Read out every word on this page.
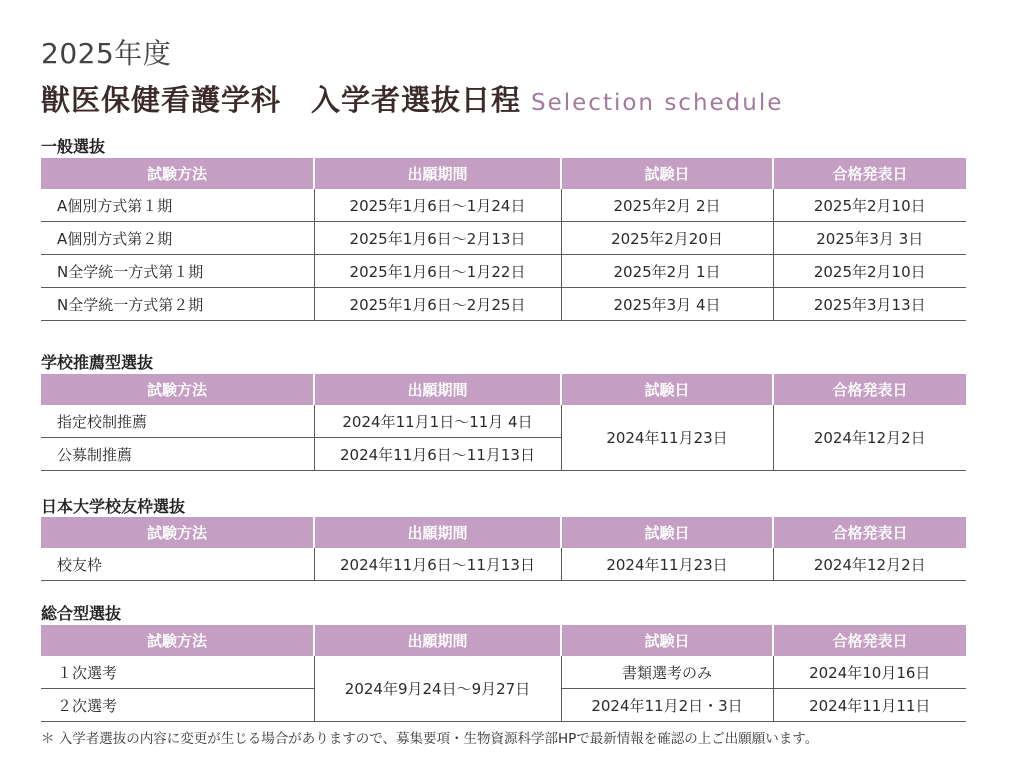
2025年度
獣医保健看護学科　入学者選抜日程 Selection schedule
一般選抜
試験方法	出願期間	試験日	合格発表日
A個別方式第１期	2025年1月6日〜1月24日	2025年2月 2日	2025年2月10日
A個別方式第２期	2025年1月6日〜2月13日	2025年2月20日	2025年3月 3日
N全学統一方式第１期	2025年1月6日〜1月22日	2025年2月 1日	2025年2月10日
N全学統一方式第２期	2025年1月6日〜2月25日	2025年3月 4日	2025年3月13日
学校推薦型選抜
試験方法	出願期間	試験日	合格発表日
指定校制推薦	2024年11月1日〜11月 4日	2024年11月23日	2024年12月2日
公募制推薦	2024年11月6日〜11月13日		
日本大学校友枠選抜
試験方法	出願期間	試験日	合格発表日
校友枠	2024年11月6日〜11月13日	2024年11月23日	2024年12月2日
総合型選抜
試験方法	出願期間	試験日	合格発表日
１次選考	2024年9月24日〜9月27日	書類選考のみ	2024年10月16日
２次選考		2024年11月2日・3日	2024年11月11日
＊ 入学者選抜の内容に変更が生じる場合がありますので、募集要項・生物資源科学部HPで最新情報を確認の上ご出願願います。
